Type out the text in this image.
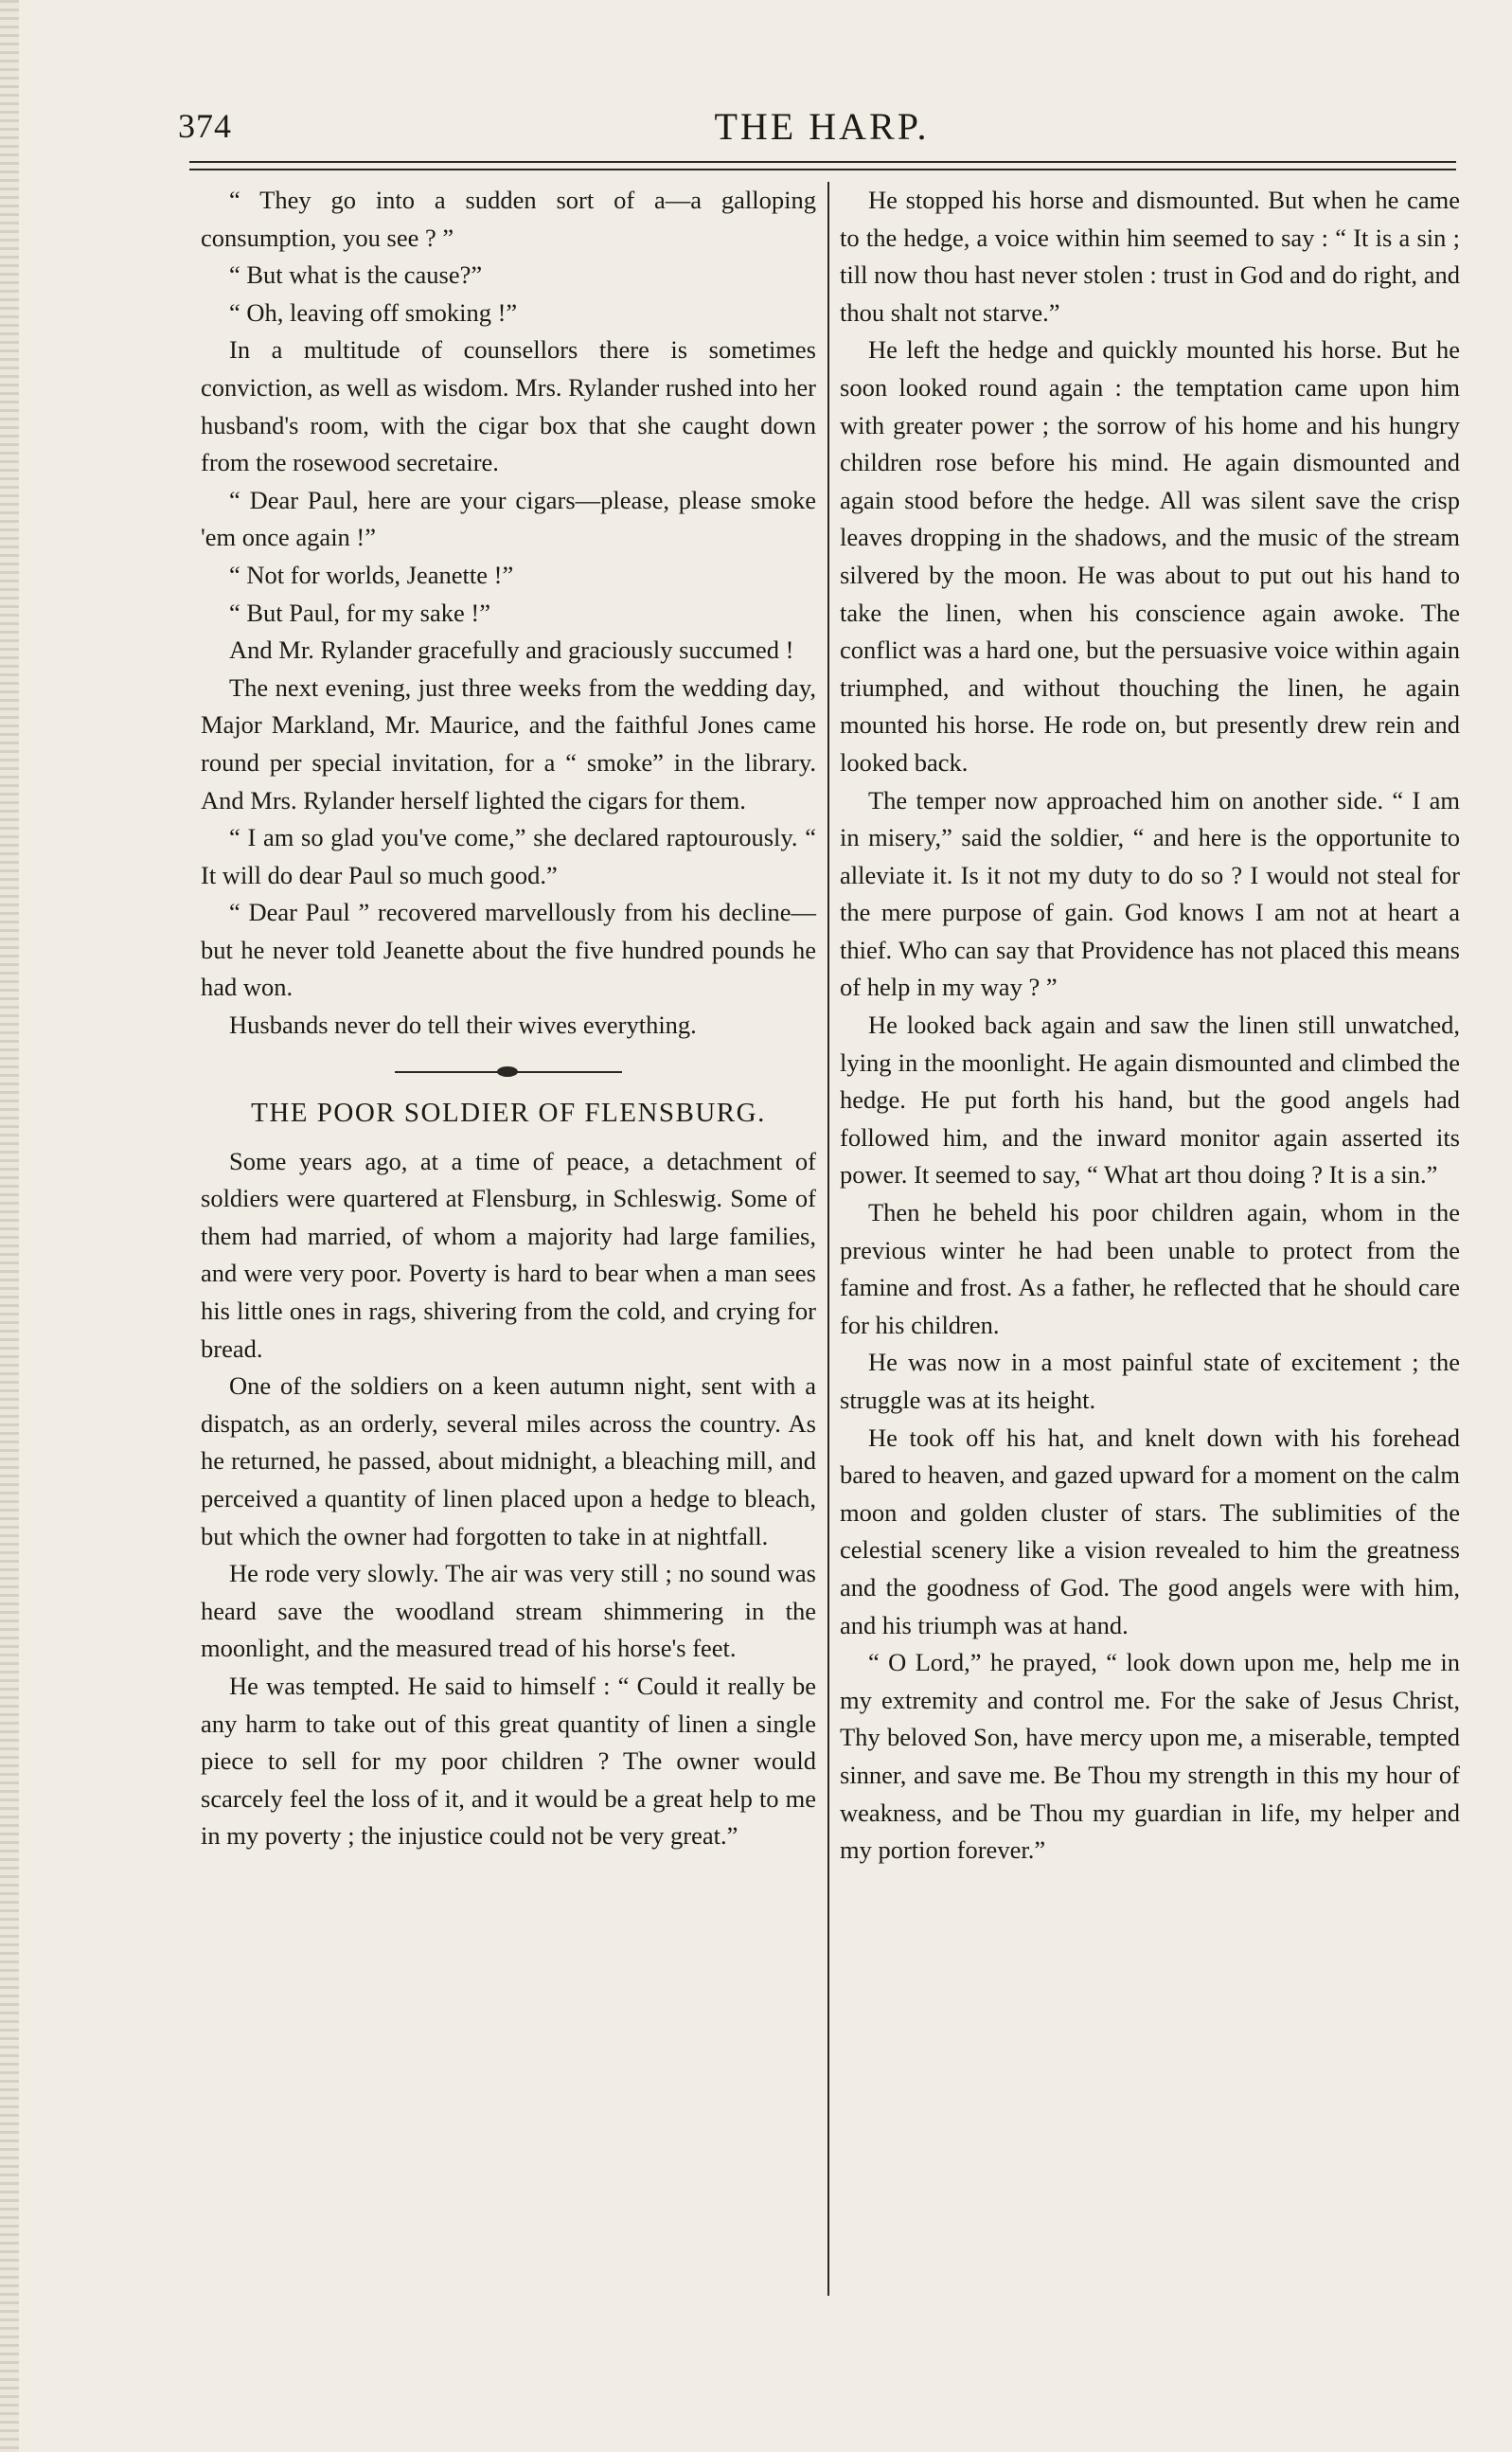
374	THE HARP.

“ They go into a sudden sort of a—a galloping consumption, you see ? ”

“ But what is the cause?”

“ Oh, leaving off smoking !”

In a multitude of counsellors there is sometimes conviction, as well as wisdom. Mrs. Rylander rushed into her husband's room, with the cigar box that she caught down from the rosewood secretaire.

“ Dear Paul, here are your cigars—please, please smoke 'em once again !”

“ Not for worlds, Jeanette !”

“ But Paul, for my sake !”

And Mr. Rylander gracefully and graciously succumed !

The next evening, just three weeks from the wedding day, Major Markland, Mr. Maurice, and the faithful Jones came round per special invitation, for a “ smoke” in the library. And Mrs. Rylander herself lighted the cigars for them.

“ I am so glad you've come,” she declared raptourously. “ It will do dear Paul so much good.”

“ Dear Paul ” recovered marvellously from his decline—but he never told Jeanette about the five hundred pounds he had won.

Husbands never do tell their wives everything.

THE POOR SOLDIER OF FLENSBURG.

Some years ago, at a time of peace, a detachment of soldiers were quartered at Flensburg, in Schleswig. Some of them had married, of whom a majority had large families, and were very poor. Poverty is hard to bear when a man sees his little ones in rags, shivering from the cold, and crying for bread.

One of the soldiers on a keen autumn night, sent with a dispatch, as an orderly, several miles across the country. As he returned, he passed, about midnight, a bleaching mill, and perceived a quantity of linen placed upon a hedge to bleach, but which the owner had forgotten to take in at nightfall.

He rode very slowly. The air was very still ; no sound was heard save the woodland stream shimmering in the moonlight, and the measured tread of his horse's feet.

He was tempted. He said to himself : “ Could it really be any harm to take out of this great quantity of linen a single piece to sell for my poor children ? The owner would scarcely feel the loss of it, and it would be a great help to me in my poverty ; the injustice could not be very great.”

He stopped his horse and dismounted. But when he came to the hedge, a voice within him seemed to say : “ It is a sin ; till now thou hast never stolen : trust in God and do right, and thou shalt not starve.”

He left the hedge and quickly mounted his horse. But he soon looked round again : the temptation came upon him with greater power ; the sorrow of his home and his hungry children rose before his mind. He again dismounted and again stood before the hedge. All was silent save the crisp leaves dropping in the shadows, and the music of the stream silvered by the moon. He was about to put out his hand to take the linen, when his conscience again awoke. The conflict was a hard one, but the persuasive voice within again triumphed, and without thouching the linen, he again mounted his horse. He rode on, but presently drew rein and looked back.

The temper now approached him on another side. “ I am in misery,” said the soldier, “ and here is the opportunite to alleviate it. Is it not my duty to do so ? I would not steal for the mere purpose of gain. God knows I am not at heart a thief. Who can say that Providence has not placed this means of help in my way ? ”

He looked back again and saw the linen still unwatched, lying in the moonlight. He again dismounted and climbed the hedge. He put forth his hand, but the good angels had followed him, and the inward monitor again asserted its power. It seemed to say, “ What art thou doing ? It is a sin.”

Then he beheld his poor children again, whom in the previous winter he had been unable to protect from the famine and frost. As a father, he reflected that he should care for his children.

He was now in a most painful state of excitement ; the struggle was at its height.

He took off his hat, and knelt down with his forehead bared to heaven, and gazed upward for a moment on the calm moon and golden cluster of stars. The sublimities of the celestial scenery like a vision revealed to him the greatness and the goodness of God. The good angels were with him, and his triumph was at hand.

“ O Lord,” he prayed, “ look down upon me, help me in my extremity and control me. For the sake of Jesus Christ, Thy beloved Son, have mercy upon me, a miserable, tempted sinner, and save me. Be Thou my strength in this my hour of weakness, and be Thou my guardian in life, my helper and my portion forever.”
